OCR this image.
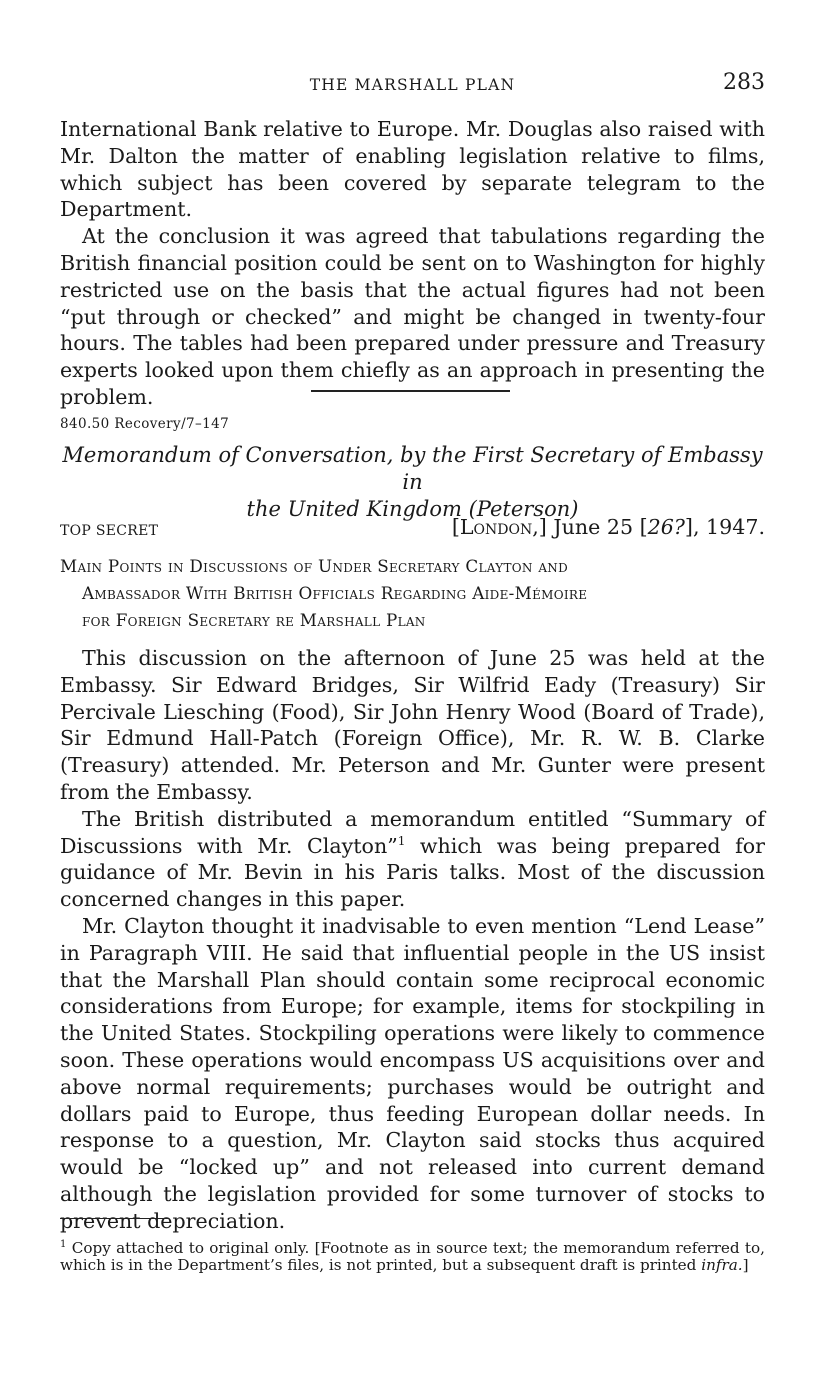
THE MARSHALL PLAN	283

International Bank relative to Europe. Mr. Douglas also raised with Mr. Dalton the matter of enabling legislation relative to films, which subject has been covered by separate telegram to the Department.

At the conclusion it was agreed that tabulations regarding the British financial position could be sent on to Washington for highly restricted use on the basis that the actual figures had not been “put through or checked” and might be changed in twenty-four hours. The tables had been prepared under pressure and Treasury experts looked upon them chiefly as an approach in presenting the problem.

840.50 Recovery/7–147
Memorandum of Conversation, by the First Secretary of Embassy in
the United Kingdom (Peterson)
TOP SECRET	[London,] June 25 [26?], 1947.
Main Points in Discussions of Under Secretary Clayton and
Ambassador With British Officials Regarding Aide-Mémoire
for Foreign Secretary re Marshall Plan

This discussion on the afternoon of June 25 was held at the Embassy. Sir Edward Bridges, Sir Wilfrid Eady (Treasury) Sir Percivale Liesching (Food), Sir John Henry Wood (Board of Trade), Sir Edmund Hall-Patch (Foreign Office), Mr. R. W. B. Clarke (Treasury) attended. Mr. Peterson and Mr. Gunter were present from the Embassy.

The British distributed a memorandum entitled “Summary of Discussions with Mr. Clayton”$^1$ which was being prepared for guidance of Mr. Bevin in his Paris talks. Most of the discussion concerned changes in this paper.

Mr. Clayton thought it inadvisable to even mention “Lend Lease” in Paragraph VIII. He said that influential people in the US insist that the Marshall Plan should contain some reciprocal economic considerations from Europe; for example, items for stockpiling in the United States. Stockpiling operations were likely to commence soon. These operations would encompass US acquisitions over and above normal requirements; purchases would be outright and dollars paid to Europe, thus feeding European dollar needs. In response to a question, Mr. Clayton said stocks thus acquired would be “locked up” and not released into current demand although the legislation provided for some turnover of stocks to prevent depreciation.

$^1$ Copy attached to original only. [Footnote as in source text; the memorandum referred to, which is in the Department’s files, is not printed, but a subsequent draft is printed infra.]
